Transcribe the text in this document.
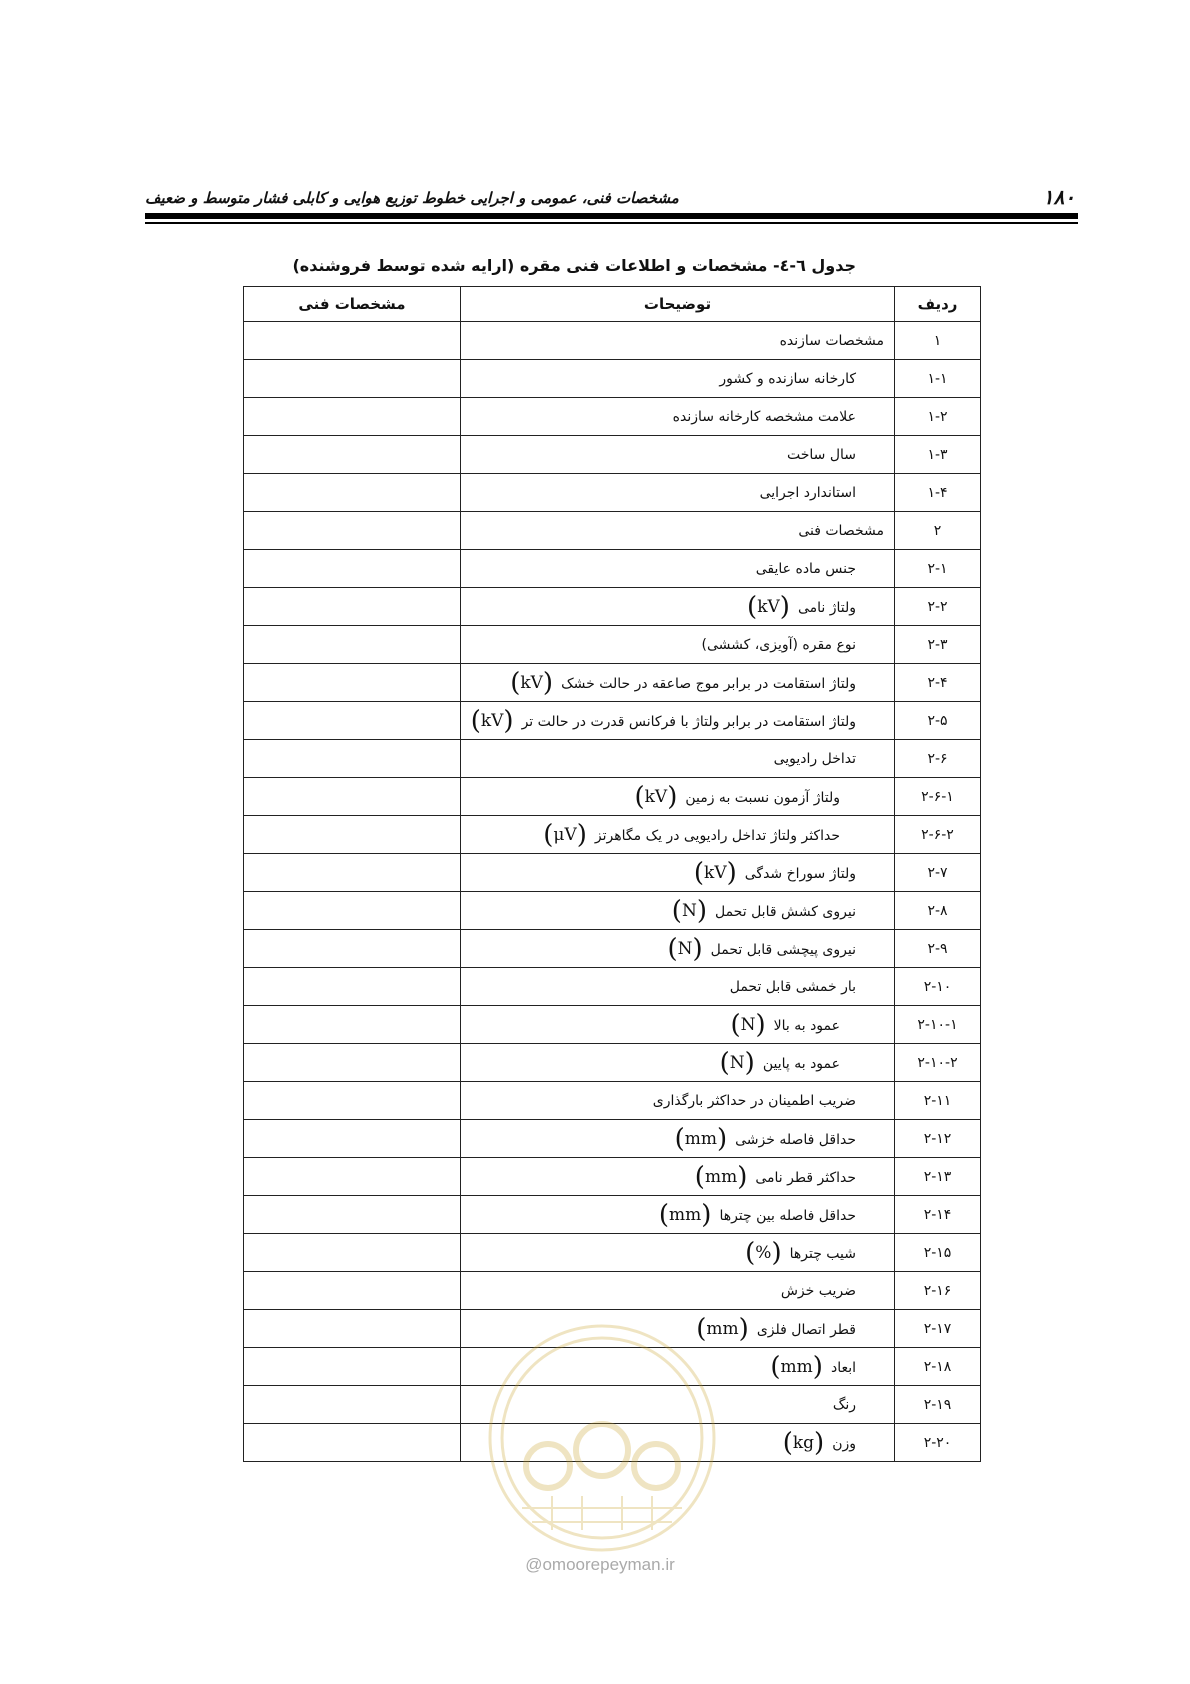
۱۸۰
مشخصات فنی، عمومی و اجرایی خطوط توزیع هوایی و کابلی فشار متوسط و ضعیف
جدول ٦-٤- مشخصات و اطلاعات فنی مقره (ارایه شده توسط فروشنده)
ردیف	توضیحات	مشخصات فنی
۱	مشخصات سازنده	
۱-۱	کارخانه سازنده و کشور	
۱-۲	علامت مشخصه کارخانه سازنده	
۱-۳	سال ساخت	
۱-۴	استاندارد اجرایی	
۲	مشخصات فنی	
۲-۱	جنس ماده عایقی	
۲-۲	ولتاژ نامی(kV)	
۲-۳	نوع مقره (آویزی، کششی)	
۲-۴	ولتاژ استقامت در برابر موج صاعقه در حالت خشک(kV)	
۲-۵	ولتاژ استقامت در برابر ولتاژ با فرکانس قدرت در حالت تر(kV)	
۲-۶	تداخل رادیویی	
۲-۶-۱	ولتاژ آزمون نسبت به زمین(kV)	
۲-۶-۲	حداکثر ولتاژ تداخل رادیویی در یک مگاهرتز(μV)	
۲-۷	ولتاژ سوراخ شدگی(kV)	
۲-۸	نیروی کشش قابل تحمل(N)	
۲-۹	نیروی پیچشی قابل تحمل(N)	
۲-۱۰	بار خمشی قابل تحمل	
۲-۱۰-۱	عمود به بالا(N)	
۲-۱۰-۲	عمود به پایین(N)	
۲-۱۱	ضریب اطمینان در حداکثر بارگذاری	
۲-۱۲	حداقل فاصله خزشی(mm)	
۲-۱۳	حداکثر قطر نامی(mm)	
۲-۱۴	حداقل فاصله بین چترها(mm)	
۲-۱۵	شیب چترها(%)	
۲-۱۶	ضریب خزش	
۲-۱۷	قطر اتصال فلزی(mm)	
۲-۱۸	ابعاد(mm)	
۲-۱۹	رنگ	
۲-۲۰	وزن(kg)	
@omoorepeyman.ir
